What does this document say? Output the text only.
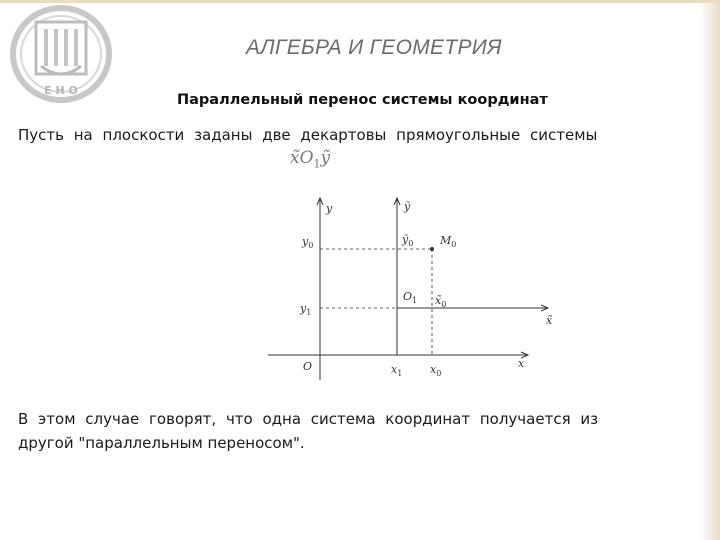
Е Н О
АЛГЕБРА И ГЕОМЕТРИЯ
Параллельный перенос системы координат
Пусть на плоскости заданы две декартовы прямоугольные системы
$x̃O_1ỹ$
y	ỹ
$y_0$	ỹ$_0$ $M_0$
$O_1$ $x̃_0$
$y_1$
x̃
O	$x_1$	$x_0$
x
В этом случае говорят, что одна система координат получается из
другой "параллельным переносом".
